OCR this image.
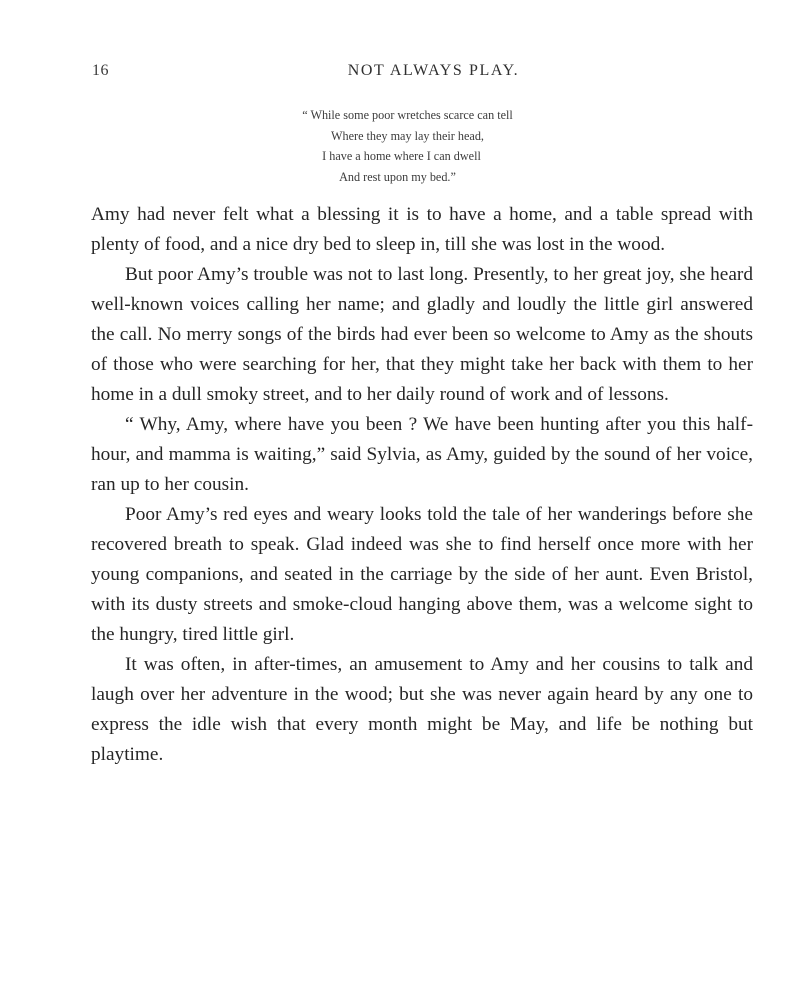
16	NOT ALWAYS PLAY.
“ While some poor wretches scarce can tell
Where they may lay their head,
I have a home where I can dwell
And rest upon my bed.”

Amy had never felt what a blessing it is to have a home, and a table spread with plenty of food, and a nice dry bed to sleep in, till she was lost in the wood.

But poor Amy’s trouble was not to last long. Presently, to her great joy, she heard well-known voices calling her name; and gladly and loudly the little girl answered the call. No merry songs of the birds had ever been so welcome to Amy as the shouts of those who were searching for her, that they might take her back with them to her home in a dull smoky street, and to her daily round of work and of lessons.

“ Why, Amy, where have you been ? We have been hunting after you this half-hour, and mamma is waiting,” said Sylvia, as Amy, guided by the sound of her voice, ran up to her cousin.

Poor Amy’s red eyes and weary looks told the tale of her wanderings before she recovered breath to speak. Glad indeed was she to find herself once more with her young companions, and seated in the carriage by the side of her aunt. Even Bristol, with its dusty streets and smoke-cloud hanging above them, was a welcome sight to the hungry, tired little girl.

It was often, in after-times, an amusement to Amy and her cousins to talk and laugh over her adventure in the wood; but she was never again heard by any one to express the idle wish that every month might be May, and life be nothing but playtime.
